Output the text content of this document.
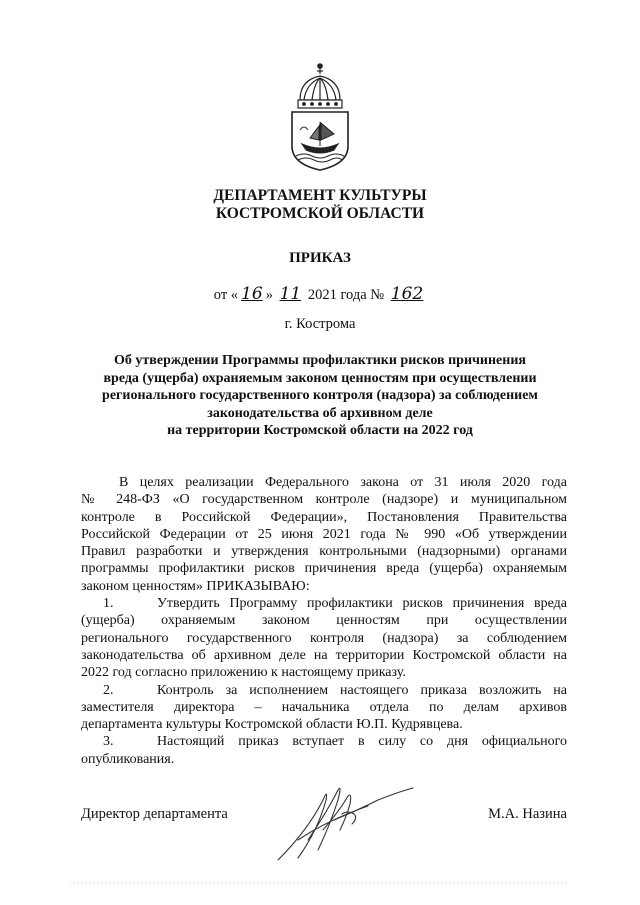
ДЕПАРТАМЕНТ КУЛЬТУРЫ
КОСТРОМСКОЙ ОБЛАСТИ
ПРИКАЗ
от « 16 » 11 2021 года № 162
г. Кострома
Об утверждении Программы профилактики рисков причинения
вреда (ущерба) охраняемым законом ценностям при осуществлении
регионального государственного контроля (надзора) за соблюдением
законодательства об архивном деле
на территории Костромской области на 2022 год
В целях реализации Федерального закона от 31 июля 2020 года
№ 248-ФЗ «О государственном контроле (надзоре) и муниципальном
контроле в Российской Федерации», Постановления Правительства
Российской Федерации от 25 июня 2021 года № 990 «Об утверждении
Правил разработки и утверждения контрольными (надзорными) органами
программы профилактики рисков причинения вреда (ущерба) охраняемым
законом ценностям» ПРИКАЗЫВАЮ:
1.	Утвердить Программу профилактики рисков причинения вреда
(ущерба) охраняемым законом ценностям при осуществлении
регионального государственного контроля (надзора) за соблюдением
законодательства об архивном деле на территории Костромской области на
2022 год согласно приложению к настоящему приказу.
2.	Контроль за исполнением настоящего приказа возложить на
заместителя директора – начальника отдела по делам архивов
департамента культуры Костромской области Ю.П. Кудрявцева.
3.	Настоящий приказ вступает в силу со дня официального
опубликования.
Директор департамента	М.А. Назина
